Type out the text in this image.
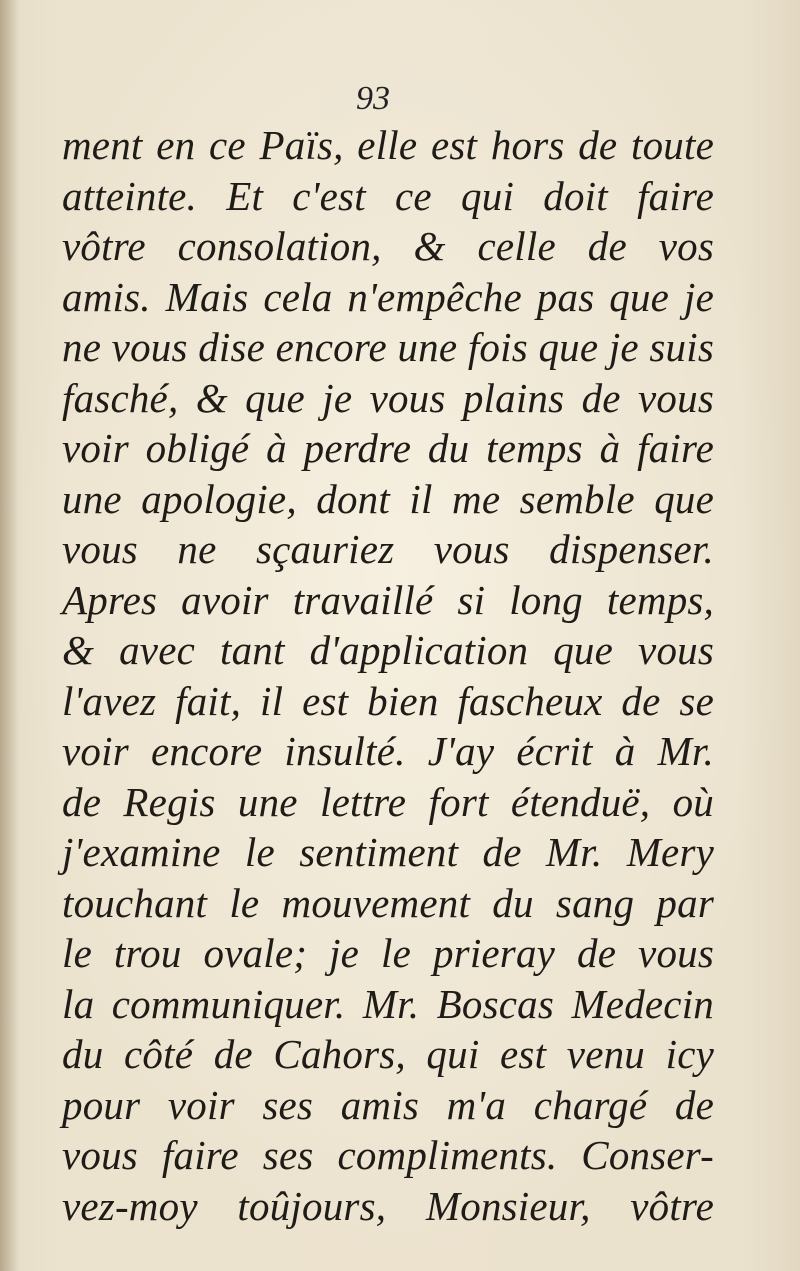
93
ment en ce Païs, elle est hors de toute
atteinte. Et c'est ce qui doit faire
vôtre consolation, & celle de vos
amis. Mais cela n'empêche pas que je
ne vous dise encore une fois que je suis
fasché, & que je vous plains de vous
voir obligé à perdre du temps à faire
une apologie, dont il me semble que
vous ne sçauriez vous dispenser.
Apres avoir travaillé si long temps,
& avec tant d'application que vous
l'avez fait, il est bien fascheux de se
voir encore insulté. J'ay écrit à Mr.
de Regis une lettre fort étenduë, où
j'examine le sentiment de Mr. Mery
touchant le mouvement du sang par
le trou ovale; je le prieray de vous
la communiquer. Mr. Boscas Medecin
du côté de Cahors, qui est venu icy
pour voir ses amis m'a chargé de
vous faire ses compliments. Conser-
vez-moy toûjours, Monsieur, vôtre
